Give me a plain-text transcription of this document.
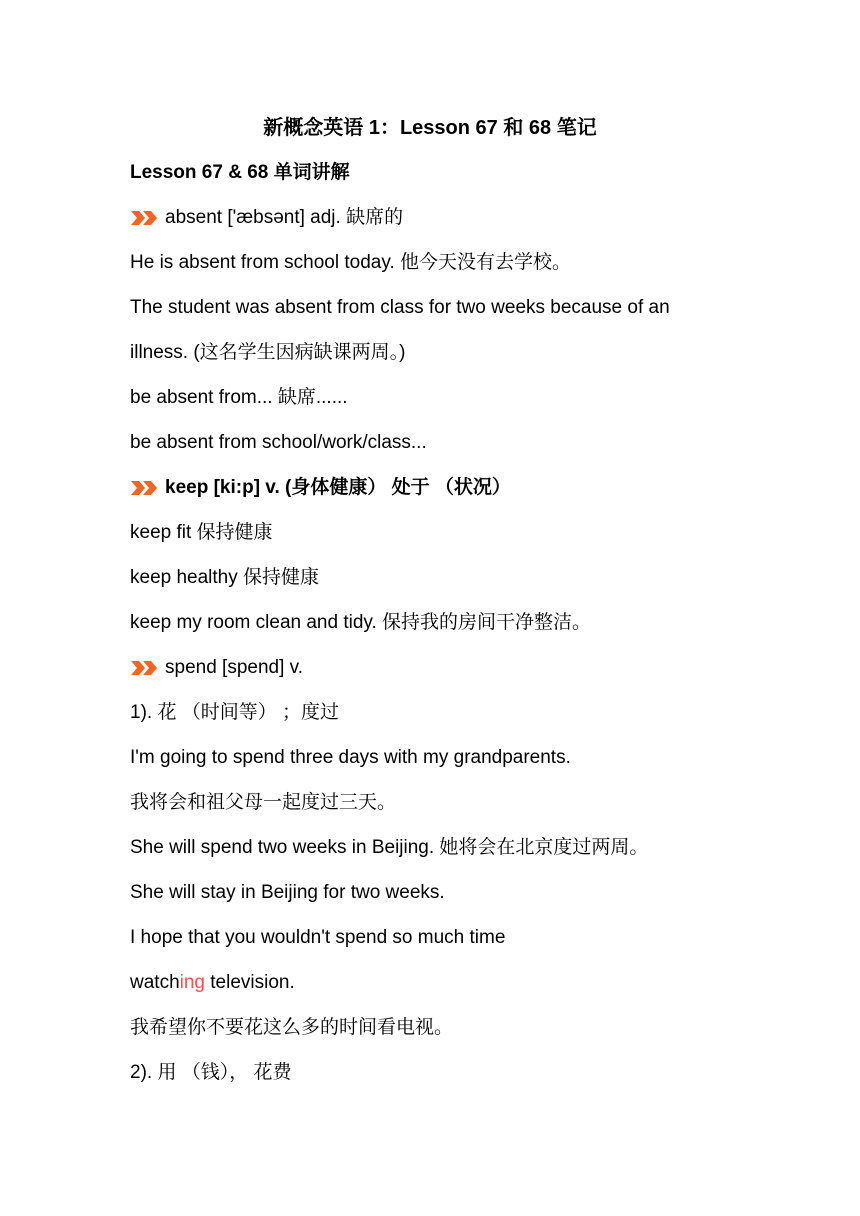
新概念英语 1：Lesson 67 和 68 笔记

Lesson 67 & 68 单词讲解

absent ['æbsənt] adj. 缺席的

He is absent from school today. 他今天没有去学校。

The student was absent from class for two weeks because of an

illness. (这名学生因病缺课两周。)

be absent from... 缺席......

be absent from school/work/class...

keep [ki:p] v. (身体健康） 处于 （状况）

keep fit 保持健康

keep healthy 保持健康

keep my room clean and tidy. 保持我的房间干净整洁。

spend [spend] v.

1). 花 （时间等） ；度过

I'm going to spend three days with my grandparents.

我将会和祖父母一起度过三天。

She will spend two weeks in Beijing. 她将会在北京度过两周。

She will stay in Beijing for two weeks.

I hope that you wouldn't spend so much time

watching television.

我希望你不要花这么多的时间看电视。

2). 用 （钱）， 花费
